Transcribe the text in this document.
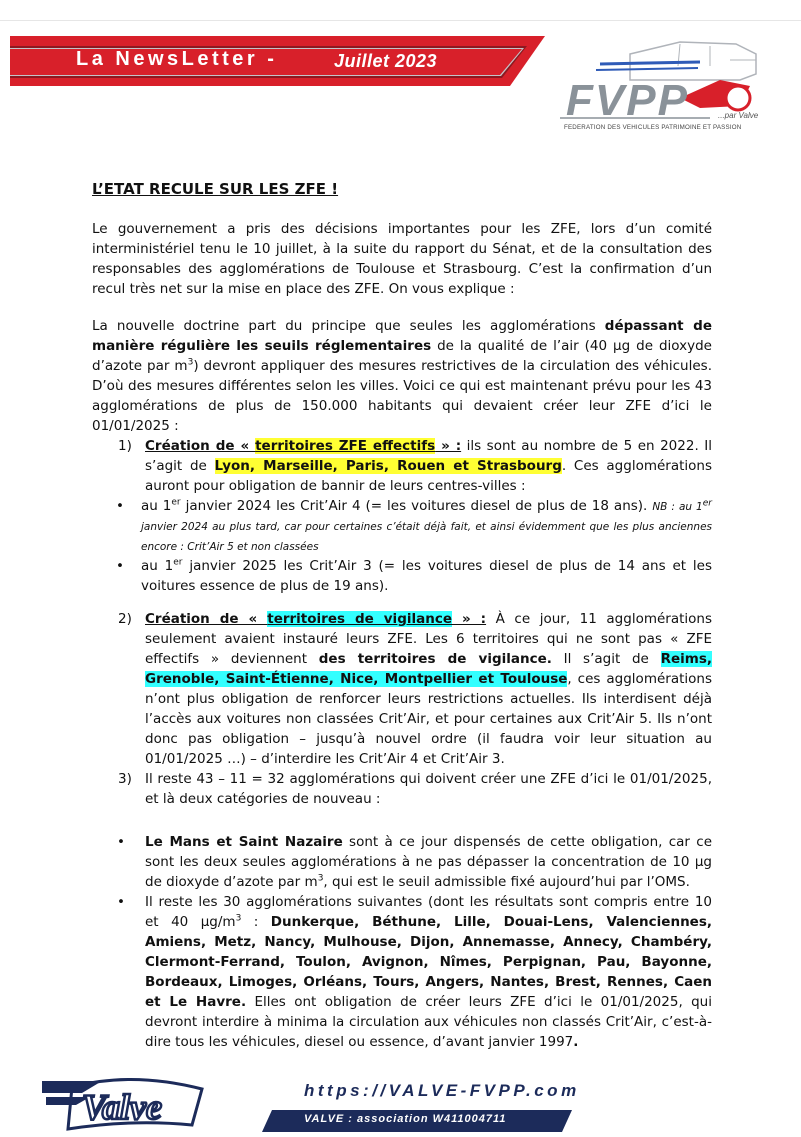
La NewsLetter -	Juillet 2023
FVPP	...par Valve
FEDERATION DES VEHICULES PATRIMOINE ET PASSION
L’ETAT RECULE SUR LES ZFE !

Le gouvernement a pris des décisions importantes pour les ZFE, lors d’un comité interministériel tenu le 10 juillet, à la suite du rapport du Sénat, et de la consultation des responsables des agglomérations de Toulouse et Strasbourg. C’est la confirmation d’un recul très net sur la mise en place des ZFE. On vous explique :

La nouvelle doctrine part du principe que seules les agglomérations dépassant de manière régulière les seuils réglementaires de la qualité de l’air (40 µg de dioxyde d’azote par $m^3$) devront appliquer des mesures restrictives de la circulation des véhicules. D’où des mesures différentes selon les villes. Voici ce qui est maintenant prévu pour les 43 agglomérations de plus de 150.000 habitants qui devaient créer leur ZFE d’ici le 01/01/2025 :

1) Création de « territoires ZFE effectifs » : ils sont au nombre de 5 en 2022. Il s’agit de Lyon, Marseille, Paris, Rouen et Strasbourg. Ces agglomérations auront pour obligation de bannir de leurs centres-villes :

• au 1er janvier 2024 les Crit’Air 4 (= les voitures diesel de plus de 18 ans). NB : au 1er janvier 2024 au plus tard, car pour certaines c’était déjà fait, et ainsi évidemment que les plus anciennes encore : Crit’Air 5 et non classées
• au 1er janvier 2025 les Crit’Air 3 (= les voitures diesel de plus de 14 ans et les voitures essence de plus de 19 ans).
2) Création de « territoires de vigilance » : À ce jour, 11 agglomérations seulement avaient instauré leurs ZFE. Les 6 territoires qui ne sont pas « ZFE effectifs » deviennent des territoires de vigilance. Il s’agit de Reims, Grenoble, Saint-Étienne, Nice, Montpellier et Toulouse, ces agglomérations n’ont plus obligation de renforcer leurs restrictions actuelles. Ils interdisent déjà l’accès aux voitures non classées Crit’Air, et pour certaines aux Crit’Air 5. Ils n’ont donc pas obligation – jusqu’à nouvel ordre (il faudra voir leur situation au 01/01/2025 …) – d’interdire les Crit’Air 4 et Crit’Air 3.

3) Il reste 43 – 11 = 32 agglomérations qui doivent créer une ZFE d’ici le 01/01/2025, et là deux catégories de nouveau :

• Le Mans et Saint Nazaire sont à ce jour dispensés de cette obligation, car ce sont les deux seules agglomérations à ne pas dépasser la concentration de 10 µg de dioxyde d’azote par $m^3$, qui est le seuil admissible fixé aujourd’hui par l’OMS.
• Il reste les 30 agglomérations suivantes (dont les résultats sont compris entre 10 et 40 $\mu g/m^3$ : Dunkerque, Béthune, Lille, Douai-Lens, Valenciennes, Amiens, Metz, Nancy, Mulhouse, Dijon, Annemasse, Annecy, Chambéry, Clermont-Ferrand, Toulon, Avignon, Nîmes, Perpignan, Pau, Bayonne, Bordeaux, Limoges, Orléans, Tours, Angers, Nantes, Brest, Rennes, Caen et Le Havre. Elles ont obligation de créer leurs ZFE d’ici le 01/01/2025, qui devront interdire à minima la circulation aux véhicules non classés Crit’Air, c’est-à-dire tous les véhicules, diesel ou essence, d’avant janvier 1997.
Valve	https://VALVE-FVPP.com
VALVE : association W411004711
